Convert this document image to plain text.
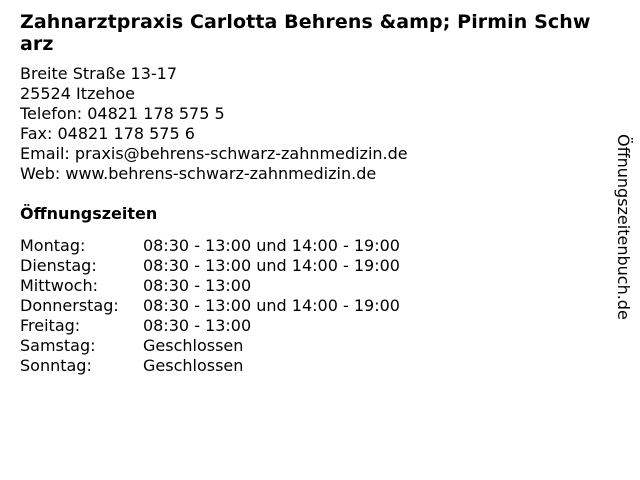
Zahnarztpraxis Carlotta Behrens &amp; Pirmin Schwarz
Breite Straße 13-17
25524 Itzehoe
Telefon: 04821 178 575 5
Fax: 04821 178 575 6
Email: praxis@behrens-schwarz-zahnmedizin.de
Web: www.behrens-schwarz-zahnmedizin.de
Öffnungszeiten
Montag:	08:30 - 13:00 und 14:00 - 19:00
Dienstag:	08:30 - 13:00 und 14:00 - 19:00
Mittwoch:	08:30 - 13:00
Donnerstag:	08:30 - 13:00 und 14:00 - 19:00
Freitag:	08:30 - 13:00
Samstag:	Geschlossen
Sonntag:	Geschlossen
Öffnungszeitenbuch.de
